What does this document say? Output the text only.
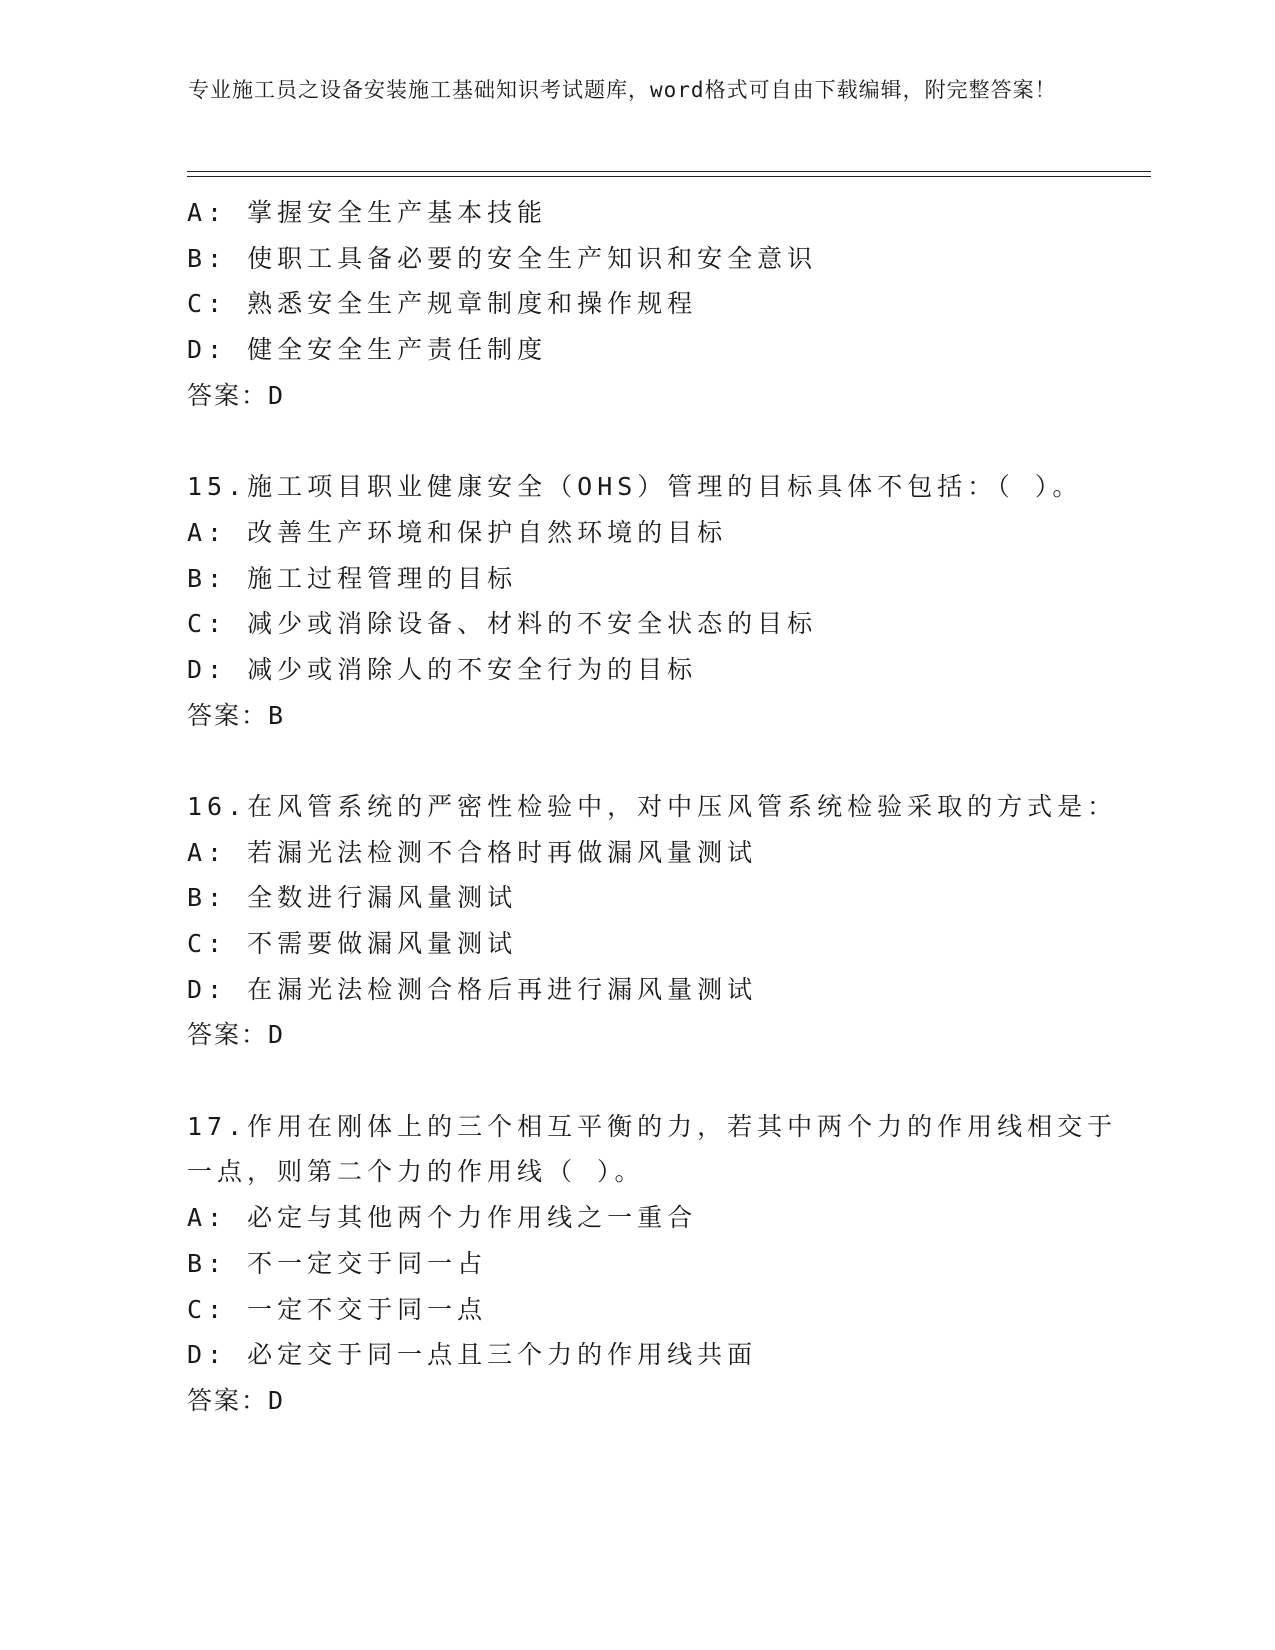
专业施工员之设备安装施工基础知识考试题库，word格式可自由下载编辑，附完整答案！
A: 掌握安全生产基本技能
B: 使职工具备必要的安全生产知识和安全意识
C: 熟悉安全生产规章制度和操作规程
D: 健全安全生产责任制度
答案：D
15.施工项目职业健康安全（OHS）管理的目标具体不包括：（ ）。
A: 改善生产环境和保护自然环境的目标
B: 施工过程管理的目标
C: 减少或消除设备、材料的不安全状态的目标
D: 减少或消除人的不安全行为的目标
答案：B
16.在风管系统的严密性检验中，对中压风管系统检验采取的方式是：
A: 若漏光法检测不合格时再做漏风量测试
B: 全数进行漏风量测试
C: 不需要做漏风量测试
D: 在漏光法检测合格后再进行漏风量测试
答案：D
17.作用在刚体上的三个相互平衡的力，若其中两个力的作用线相交于
一点，则第二个力的作用线（ ）。
A: 必定与其他两个力作用线之一重合
B: 不一定交于同一占
C: 一定不交于同一点
D: 必定交于同一点且三个力的作用线共面
答案：D
